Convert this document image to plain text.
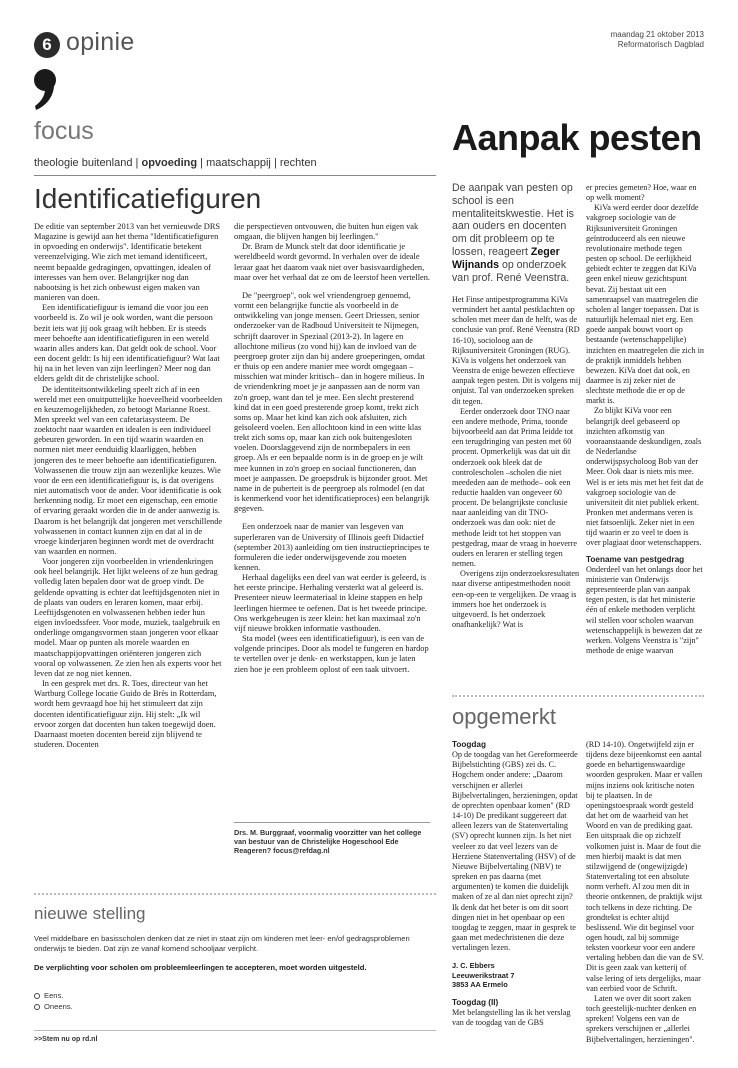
6 opinie	maandag 21 oktober 2013
Reformatorisch Dagblad
focus
theologie buitenland | opvoeding | maatschappij | rechten
Identificatiefiguren

De editie van september 2013 van het vernieuwde DRS Magazine is gewijd aan het thema "Identificatiefiguren in opvoeding en onderwijs". Identificatie betekent vereenzelviging. Wie zich met iemand identificeert, neemt bepaalde gedragingen, opvattingen, idealen of interesses van hem over. Belangrijker nog dan nabootsing is het zich onbewust eigen maken van manieren van doen.

Een identificatiefiguur is iemand die voor jou een voorbeeld is. Zo wil je ook worden, want die persoon bezit iets wat jij ook graag wilt hebben. Er is steeds meer behoefte aan identificatiefiguren in een wereld waarin alles anders kan. Dat geldt ook de school. Voor een docent geldt: Is hij een identificatiefiguur? Wat laat hij na in het leven van zijn leerlingen? Meer nog dan elders geldt dit de christelijke school.

De identiteitsontwikkeling speelt zich af in een wereld met een onuitputtelijke hoeveelheid voorbeelden en keuzemogelijkheden, zo betoogt Marianne Roest. Men spreekt wel van een cafetariasysteem. De zoektocht naar waarden en idealen is een individueel gebeuren geworden. In een tijd waarin waarden en normen niet meer eenduidig klaarliggen, hebben jongeren des te meer behoefte aan identificatiefiguren. Volwassenen die trouw zijn aan wezenlijke keuzes. Wie voor de een een identificatiefiguur is, is dat overigens niet automatisch voor de ander. Voor identificatie is ook herkenning nodig. Er moet een eigenschap, een emotie of ervaring geraakt worden die in de ander aanwezig is. Daarom is het belangrijk dat jongeren met verschillende volwassenen in contact kunnen zijn en dat al in de vroege kinderjaren beginnen wordt met de overdracht van waarden en normen.

Voor jongeren zijn voorbeelden in vriendenkringen ook heel belangrijk. Het lijkt weleens of ze hun gedrag volledig laten bepalen door wat de groep vindt. De geldende opvatting is echter dat leeftijdsgenoten niet in de plaats van ouders en leraren komen, maar erbij. Leeftijdsgenoten en volwassenen hebben ieder hun eigen invloedssfeer. Voor mode, muziek, taalgebruik en onderlinge omgangsvormen staan jongeren voor elkaar model. Maar op punten als morele waarden en maatschappijopvattingen oriënteren jongeren zich vooral op volwassenen. Ze zien hen als experts voor het leven dat ze nog niet kennen.

In een gesprek met drs. R. Toes, directeur van het Wartburg College locatie Guido de Brès in Rotterdam, wordt hem gevraagd hoe hij het stimuleert dat zijn docenten identificatiefiguur zijn. Hij stelt: „Ik wil ervoor zorgen dat docenten hun taken toegewijd doen. Daarnaast moeten docenten bereid zijn blijvend te studeren. Docenten

die perspectieven ontvouwen, die buiten hun eigen vak omgaan, die blijven hangen bij leerlingen."

Dr. Bram de Munck stelt dat door identificatie je wereldbeeld wordt gevormd. In verhalen over de ideale leraar gaat het daarom vaak niet over basisvaardigheden, maar over het verhaal dat ze om de leerstof heen vertellen.

De "peergroep", ook wel vriendengroep genoemd, vormt een belangrijke functie als voorbeeld in de ontwikkeling van jonge mensen. Geert Driessen, senior onderzoeker van de Radboud Universiteit te Nijmegen, schrijft daarover in Speziaal (2013-2). In lagere en allochtone milieus (zo vond hij) kan de invloed van de peergroep groter zijn dan bij andere groeperingen, omdat er thuis op een andere manier mee wordt omgegaan –misschien wat minder kritisch– dan in hogere milieus. In de vriendenkring moet je je aanpassen aan de norm van zo'n groep, want dan tel je mee. Een slecht presterend kind dat in een goed presterende groep komt, trekt zich soms op. Maar het kind kan zich ook afsluiten, zich geïsoleerd voelen. Een allochtoon kind in een witte klas trekt zich soms op, maar kan zich ook buitengesloten voelen. Doorslaggevend zijn de normbepalers in een groep. Als er een bepaalde norm is in de groep en je wilt mee kunnen in zo'n groep en sociaal functioneren, dan moet je aanpassen. De groepsdruk is bijzonder groot. Met name in de puberteit is de peergroep als rolmodel (en dat is kenmerkend voor het identificatieproces) een belangrijk gegeven.

Een onderzoek naar de manier van lesgeven van superleraren van de University of Illinois geeft Didactief (september 2013) aanleiding om tien instructieprincipes te formuleren die ieder onderwijsgevende zou moeten kennen.

Herhaal dagelijks een deel van wat eerder is geleerd, is het eerste principe. Herhaling versterkt wat al geleerd is. Presenteer nieuw leermateriaal in kleine stappen en help leerlingen hiermee te oefenen. Dat is het tweede principe. Ons werkgeheugen is zeer klein: het kan maximaal zo'n vijf nieuwe brokken informatie vasthouden.

Sta model (wees een identificatiefiguur), is een van de volgende principes. Door als model te fungeren en hardop te vertellen over je denk- en werkstappen, kun je laten zien hoe je een probleem oplost of een taak uitvoert.

Drs. M. Burggraaf, voormalig voorzitter van het college van bestuur van de Christelijke Hogeschool Ede Reageren? focus@refdag.nl
nieuwe stelling
Veel middelbare en basisscholen denken dat ze niet in staat zijn om kinderen met leer- en/of gedragsproblemen onderwijs te bieden. Dat zijn ze vanaf komend schooljaar verplicht.
De verplichting voor scholen om probleemleerlingen te accepteren, moet worden uitgesteld.
Eens.
Oneens.
>>Stem nu op rd.nl
Aanpak pesten
De aanpak van pesten op school is een mentaliteitskwestie. Het is aan ouders en docenten om dit probleem op te lossen, reageert Zeger Wijnands op onderzoek van prof. René Veenstra.

Het Finse antipestprogramma KiVa vermindert het aantal pestklachten op scholen met meer dan de helft, was de conclusie van prof. René Veenstra (RD 16-10), socioloog aan de Rijksuniversiteit Groningen (RUG). KiVa is volgens het onderzoek van Veenstra de enige bewezen effectieve aanpak tegen pesten. Dit is volgens mij onjuist. Tal van onderzoeken spreken dit tegen.

Eerder onderzoek door TNO naar een andere methode, Prima, toonde bijvoorbeeld aan dat Prima leidde tot een terugdringing van pesten met 60 procent. Opmerkelijk was dat uit dit onderzoek ook bleek dat de controlescholen –scholen die niet meededen aan de methode– ook een reductie haalden van ongeveer 60 procent. De belangrijkste conclusie naar aanleiding van dit TNO-onderzoek was dan ook: niet de methode leidt tot het stoppen van pestgedrag, maar de vraag in hoeverre ouders en leraren er stelling tegen nemen.

Overigens zijn onderzoeksresultaten naar diverse antipestmethoden nooit een-op-een te vergelijken. De vraag is immers hoe het onderzoek is uitgevoerd. Is het onderzoek onafhankelijk? Wat is

er precies gemeten? Hoe, waar en op welk moment?

KiVa werd eerder door dezelfde vakgroep sociologie van de Rijksuniversiteit Groningen geïntroduceerd als een nieuwe revolutionaire methode tegen pesten op school. De eerlijkheid gebiedt echter te zeggen dat KiVa geen enkel nieuw gezichtspunt bevat. Zij bestaat uit een samenraapsel van maatregelen die scholen al langer toepassen. Dat is natuurlijk helemaal niet erg. Een goede aanpak bouwt voort op bestaande (wetenschappelijke) inzichten en maatregelen die zich in de praktijk inmiddels hebben bewezen. KiVa doet dat ook, en daarmee is zij zeker niet de slechtste methode die er op de markt is.

Zo blijkt KiVa voor een belangrijk deel gebaseerd op inzichten afkomstig van vooraanstaande deskundigen, zoals de Nederlandse onderwijspsycholoog Bob van der Meer. Ook daar is niets mis mee. Wel is er iets mis met het feit dat de vakgroep sociologie van de universiteit dit niet publiek erkent. Pronken met andermans veren is niet fatsoenlijk. Zeker niet in een tijd waarin er zo veel te doen is over plagiaat door wetenschappers.

Toename van pestgedrag

Onderdeel van het onlangs door het ministerie van Onderwijs gepresenteerde plan van aanpak tegen pesten, is dat het ministerie één of enkele methoden verplicht wil stellen voor scholen waarvan wetenschappelijk is bewezen dat ze werken. Volgens Veenstra is "zijn" methode de enige waarvan

opgemerkt
Toogdag

Op de toogdag van het Gereformeerde Bijbelstichting (GBS) zei ds. C. Hogchem onder andere: „Daarom verschijnen er allerlei Bijbelvertalingen, herzieningen, opdat de oprechten openbaar komen" (RD 14-10) De predikant suggereert dat alleen lezers van de Statenvertaling (SV) oprecht kunnen zijn. Is het niet veeleer zo dat veel lezers van de Herziene Statenvertaling (HSV) of de Nieuwe Bijbelvertaling (NBV) te spreken en pas daarna (met argumenten) te komen die duidelijk maken of ze al dan niet oprecht zijn? Ik denk dat het beter is om dit soort dingen niet in het openbaar op een toogdag te zeggen, maar in gesprek te gaan met medechristenen die deze vertalingen lezen.

J. C. Ebbers
Leeuwerikstraat 7
3853 AA Ermelo
Toogdag (II)

Met belangstelling las ik het verslag van de toogdag van de GBS

(RD 14-10). Ongetwijfeld zijn er tijdens deze bijeenkomst een aantal goede en behartigenswaardige woorden gesproken. Maar er vallen mijns inziens ook kritische noten bij te plaatsen. In de openingstoespraak wordt gesteld dat het om de waarheid van het Woord en van de prediking gaat. Een uitspraak die op zichzelf volkomen juist is. Maar de fout die men hierbij maakt is dat men stilzwijgend de (ongewijzigde) Statenvertaling tot een absolute norm verheft. Al zou men dit in theorie ontkennen, de praktijk wijst toch telkens in deze richting. De grondtekst is echter altijd beslissend. Wie dit beginsel voor ogen houdt, zal bij sommige teksten voorkeur voor een andere vertaling hebben dan die van de SV. Dit is geen zaak van ketterij of valse lering of iets dergelijks, maar van eerbied voor de Schrift.

Laten we over dit soort zaken toch geestelijk-nuchter denken en spreken! Volgens een van de sprekers verschijnen er „allerlei Bijbelvertalingen, herzieningen".
